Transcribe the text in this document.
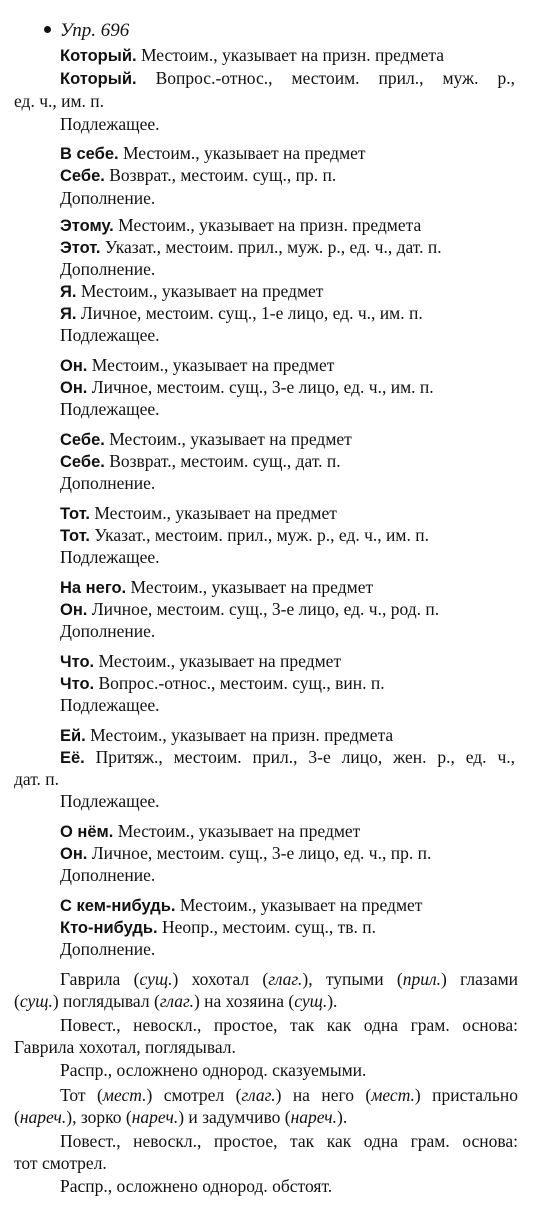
Упр. 696
Который. Местоим., указывает на призн. предмета
Который. Вопрос.-относ., местоим. прил., муж. р.,
ед. ч., им. п.
Подлежащее.
В себе. Местоим., указывает на предмет
Себе. Возврат., местоим. сущ., пр. п.
Дополнение.
Этому. Местоим., указывает на призн. предмета
Этот. Указат., местоим. прил., муж. р., ед. ч., дат. п.
Дополнение.
Я. Местоим., указывает на предмет
Я. Личное, местоим. сущ., 1-е лицо, ед. ч., им. п.
Подлежащее.
Он. Местоим., указывает на предмет
Он. Личное, местоим. сущ., 3-е лицо, ед. ч., им. п.
Подлежащее.
Себе. Местоим., указывает на предмет
Себе. Возврат., местоим. сущ., дат. п.
Дополнение.
Тот. Местоим., указывает на предмет
Тот. Указат., местоим. прил., муж. р., ед. ч., им. п.
Подлежащее.
На него. Местоим., указывает на предмет
Он. Личное, местоим. сущ., 3-е лицо, ед. ч., род. п.
Дополнение.
Что. Местоим., указывает на предмет
Что. Вопрос.-относ., местоим. сущ., вин. п.
Подлежащее.
Ей. Местоим., указывает на призн. предмета
Её. Притяж., местоим. прил., 3-е лицо, жен. р., ед. ч.,
дат. п.
Подлежащее.
О нём. Местоим., указывает на предмет
Он. Личное, местоим. сущ., 3-е лицо, ед. ч., пр. п.
Дополнение.
С кем-нибудь. Местоим., указывает на предмет
Кто-нибудь. Неопр., местоим. сущ., тв. п.
Дополнение.
Гаврила (сущ.) хохотал (глаг.), тупыми (прил.) глазами
(сущ.) поглядывал (глаг.) на хозяина (сущ.).
Повест., невоскл., простое, так как одна грам. основа:
Гаврила хохотал, поглядывал.
Распр., осложнено однород. сказуемыми.
Тот (мест.) смотрел (глаг.) на него (мест.) пристально
(нареч.), зорко (нареч.) и задумчиво (нареч.).
Повест., невоскл., простое, так как одна грам. основа:
тот смотрел.
Распр., осложнено однород. обстоят.
